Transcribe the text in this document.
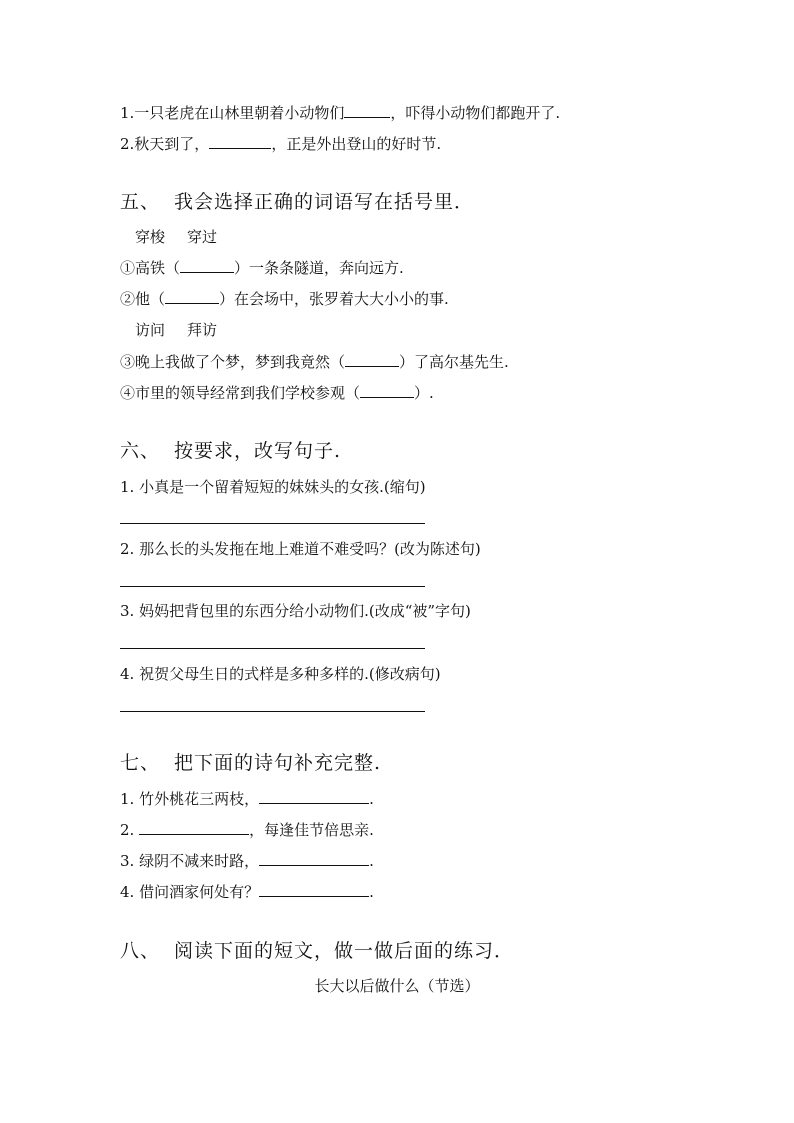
1.一只老虎在山林里朝着小动物们	，吓得小动物们都跑开了.
2.秋天到了，	，正是外出登山的好时节.
五、 我会选择正确的词语写在括号里．
穿梭 穿过
①高铁（	）一条条隧道，奔向远方.
②他（	）在会场中，张罗着大大小小的事.
访问 拜访
③晚上我做了个梦，梦到我竟然（	）了高尔基先生.
④市里的领导经常到我们学校参观（	）.
六、 按要求，改写句子.
1. 小真是一个留着短短的妹妹头的女孩.(缩句)
2. 那么长的头发拖在地上难道不难受吗？(改为陈述句)
3. 妈妈把背包里的东西分给小动物们.(改成“被”字句)
4. 祝贺父母生日的式样是多种多样的.(修改病句)
七、 把下面的诗句补充完整.
1. 竹外桃花三两枝，	.
2.	，每逢佳节倍思亲.
3. 绿阴不减来时路，	.
4. 借问酒家何处有？	.
八、 阅读下面的短文，做一做后面的练习．
长大以后做什么（节选）
